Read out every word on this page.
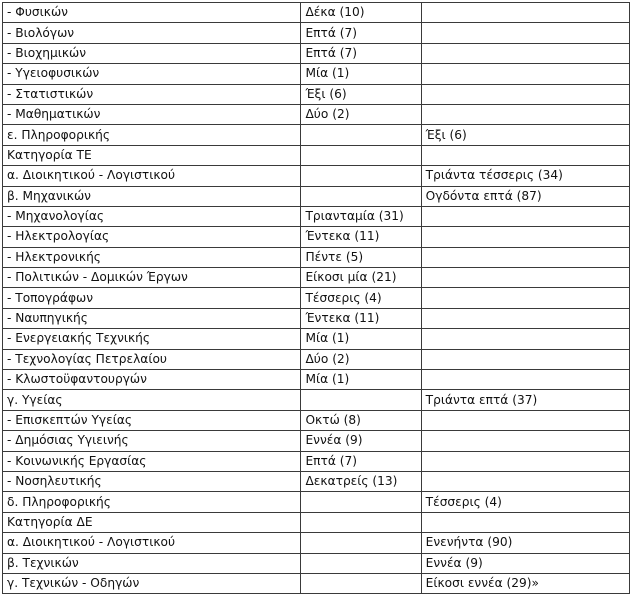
- Φυσικών	Δέκα (10)	
- Βιολόγων	Επτά (7)	
- Βιοχημικών	Επτά (7)	
- Υγειοφυσικών	Μία (1)	
- Στατιστικών	Έξι (6)	
- Μαθηματικών	Δύο (2)	
ε. Πληροφορικής		Έξι (6)
Κατηγορία ΤΕ		
α. Διοικητικού - Λογιστικού		Τριάντα τέσσερις (34)
β. Μηχανικών		Ογδόντα επτά (87)
- Μηχανολογίας	Τριανταμία (31)	
- Ηλεκτρολογίας	Έντεκα (11)	
- Ηλεκτρονικής	Πέντε (5)	
- Πολιτικών - Δομικών Έργων	Είκοσι μία (21)	
- Τοπογράφων	Τέσσερις (4)	
- Ναυπηγικής	Έντεκα (11)	
- Ενεργειακής Τεχνικής	Μία (1)	
- Τεχνολογίας Πετρελαίου	Δύο (2)	
- Κλωστοϋφαντουργών	Μία (1)	
γ. Υγείας		Τριάντα επτά (37)
- Επισκεπτών Υγείας	Οκτώ (8)	
- Δημόσιας Υγιεινής	Εννέα (9)	
- Κοινωνικής Εργασίας	Επτά (7)	
- Νοσηλευτικής	Δεκατρείς (13)	
δ. Πληροφορικής		Τέσσερις (4)
Κατηγορία ΔΕ		
α. Διοικητικού - Λογιστικού		Ενενήντα (90)
β. Τεχνικών		Εννέα (9)
γ. Τεχνικών - Οδηγών		Είκοσι εννέα (29)»
